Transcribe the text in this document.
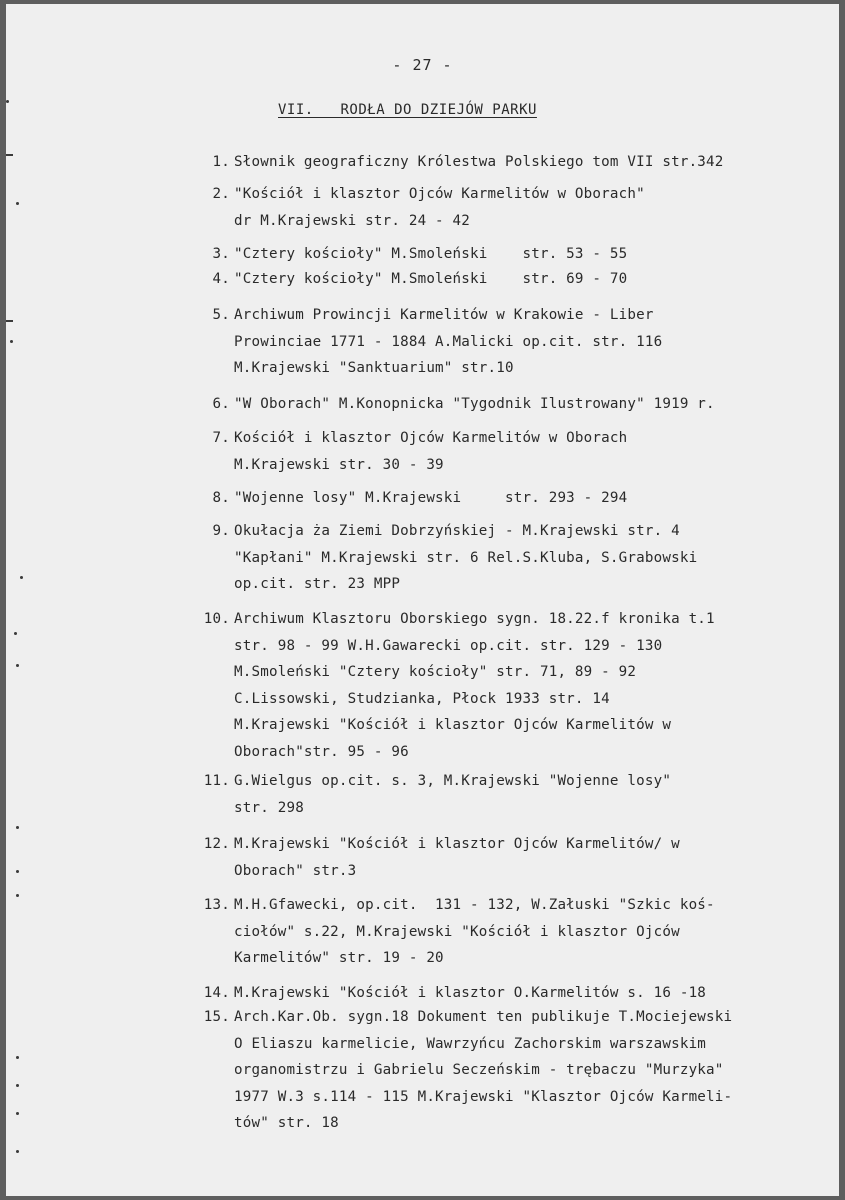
- 27 -
VII.   RODŁA DO DZIEJÓW PARKU
1. Słownik geograficzny Królestwa Polskiego tom VII str.342
2. "Kościół i klasztor Ojców Karmelitów w Oborach"
dr M.Krajewski str. 24 - 42
3. "Cztery kościoły" M.Smoleński    str. 53 - 55
4. "Cztery kościoły" M.Smoleński    str. 69 - 70
5. Archiwum Prowincji Karmelitów w Krakowie - Liber
Prowinciae 1771 - 1884 A.Malicki op.cit. str. 116
M.Krajewski "Sanktuarium" str.10
6. "W Oborach" M.Konopnicka "Tygodnik Ilustrowany" 1919 r.
7. Kościół i klasztor Ojców Karmelitów w Oborach
M.Krajewski str. 30 - 39
8. "Wojenne losy" M.Krajewski     str. 293 - 294
9. Okułacja ża Ziemi Dobrzyńskiej - M.Krajewski str. 4
"Kapłani" M.Krajewski str. 6 Rel.S.Kluba, S.Grabowski
op.cit. str. 23 MPP
10. Archiwum Klasztoru Oborskiego sygn. 18.22.f kronika t.1
str. 98 - 99 W.H.Gawarecki op.cit. str. 129 - 130
M.Smoleński "Cztery kościoły" str. 71, 89 - 92
C.Lissowski, Studzianka, Płock 1933 str. 14
M.Krajewski "Kościół i klasztor Ojców Karmelitów w
Oborach"str. 95 - 96
11. G.Wielgus op.cit. s. 3, M.Krajewski "Wojenne losy"
str. 298
12. M.Krajewski "Kościół i klasztor Ojców Karmelitów/ w
Oborach" str.3
13. M.H.Gfawecki, op.cit.  131 - 132, W.Załuski "Szkic koś-
ciołów" s.22, M.Krajewski "Kościół i klasztor Ojców
Karmelitów" str. 19 - 20
14. M.Krajewski "Kościół i klasztor O.Karmelitów s. 16 -18
15. Arch.Kar.Ob. sygn.18 Dokument ten publikuje T.Mociejewski
O Eliaszu karmelicie, Wawrzyńcu Zachorskim warszawskim
organomistrzu i Gabrielu Seczeńskim - trębaczu "Murzyka"
1977 W.3 s.114 - 115 M.Krajewski "Klasztor Ojców Karmeli-
tów" str. 18
